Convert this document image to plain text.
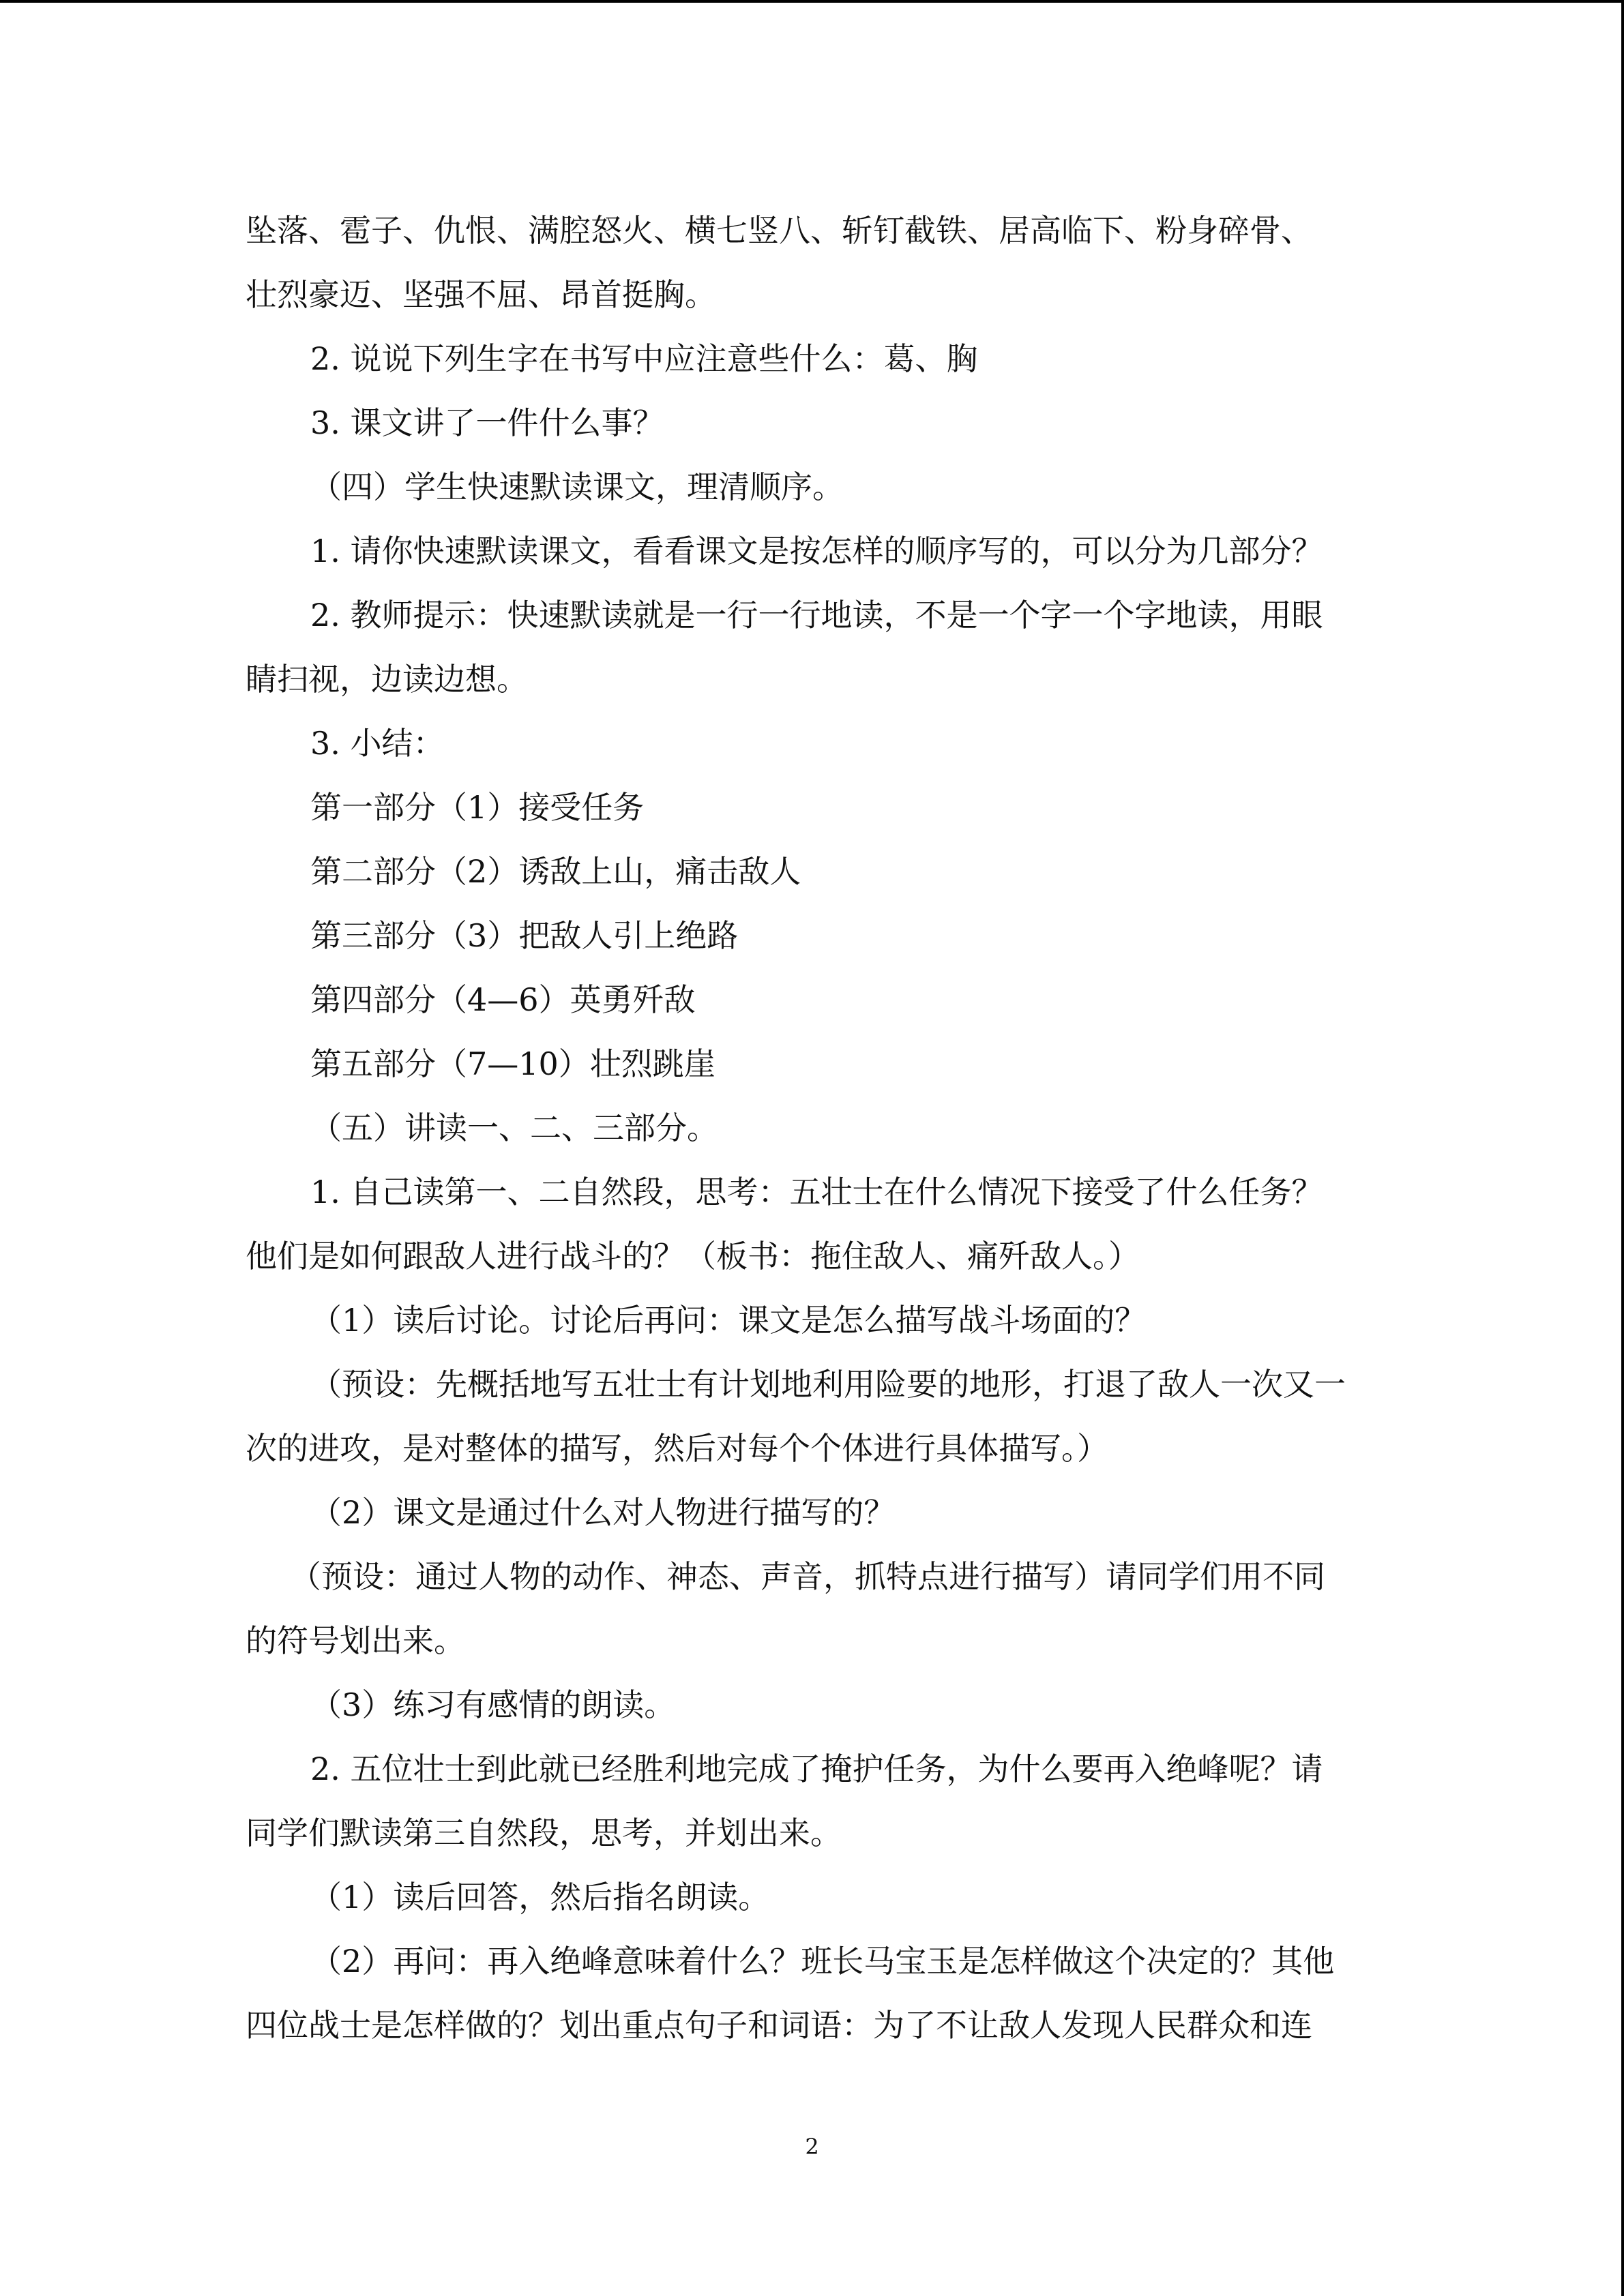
坠落、雹子、仇恨、满腔怒火、横七竖八、斩钉截铁、居高临下、粉身碎骨、
壮烈豪迈、坚强不屈、昂首挺胸。
2. 说说下列生字在书写中应注意些什么：葛、胸
3. 课文讲了一件什么事？
（四）学生快速默读课文，理清顺序。
1. 请你快速默读课文，看看课文是按怎样的顺序写的，可以分为几部分？
2. 教师提示：快速默读就是一行一行地读，不是一个字一个字地读，用眼
睛扫视，边读边想。
3. 小结：
第一部分（1）接受任务
第二部分（2）诱敌上山，痛击敌人
第三部分（3）把敌人引上绝路
第四部分（4—6）英勇歼敌
第五部分（7—10）壮烈跳崖
（五）讲读一、二、三部分。
1. 自己读第一、二自然段，思考：五壮士在什么情况下接受了什么任务？
他们是如何跟敌人进行战斗的？（板书：拖住敌人、痛歼敌人。）
（1）读后讨论。讨论后再问：课文是怎么描写战斗场面的？
（预设：先概括地写五壮士有计划地利用险要的地形，打退了敌人一次又一
次的进攻，是对整体的描写，然后对每个个体进行具体描写。）
（2）课文是通过什么对人物进行描写的？
（预设：通过人物的动作、神态、声音，抓特点进行描写）请同学们用不同
的符号划出来。
（3）练习有感情的朗读。
2. 五位壮士到此就已经胜利地完成了掩护任务，为什么要再入绝峰呢？请
同学们默读第三自然段，思考，并划出来。
（1）读后回答，然后指名朗读。
（2）再问：再入绝峰意味着什么？班长马宝玉是怎样做这个决定的？其他
四位战士是怎样做的？划出重点句子和词语：为了不让敌人发现人民群众和连
2
